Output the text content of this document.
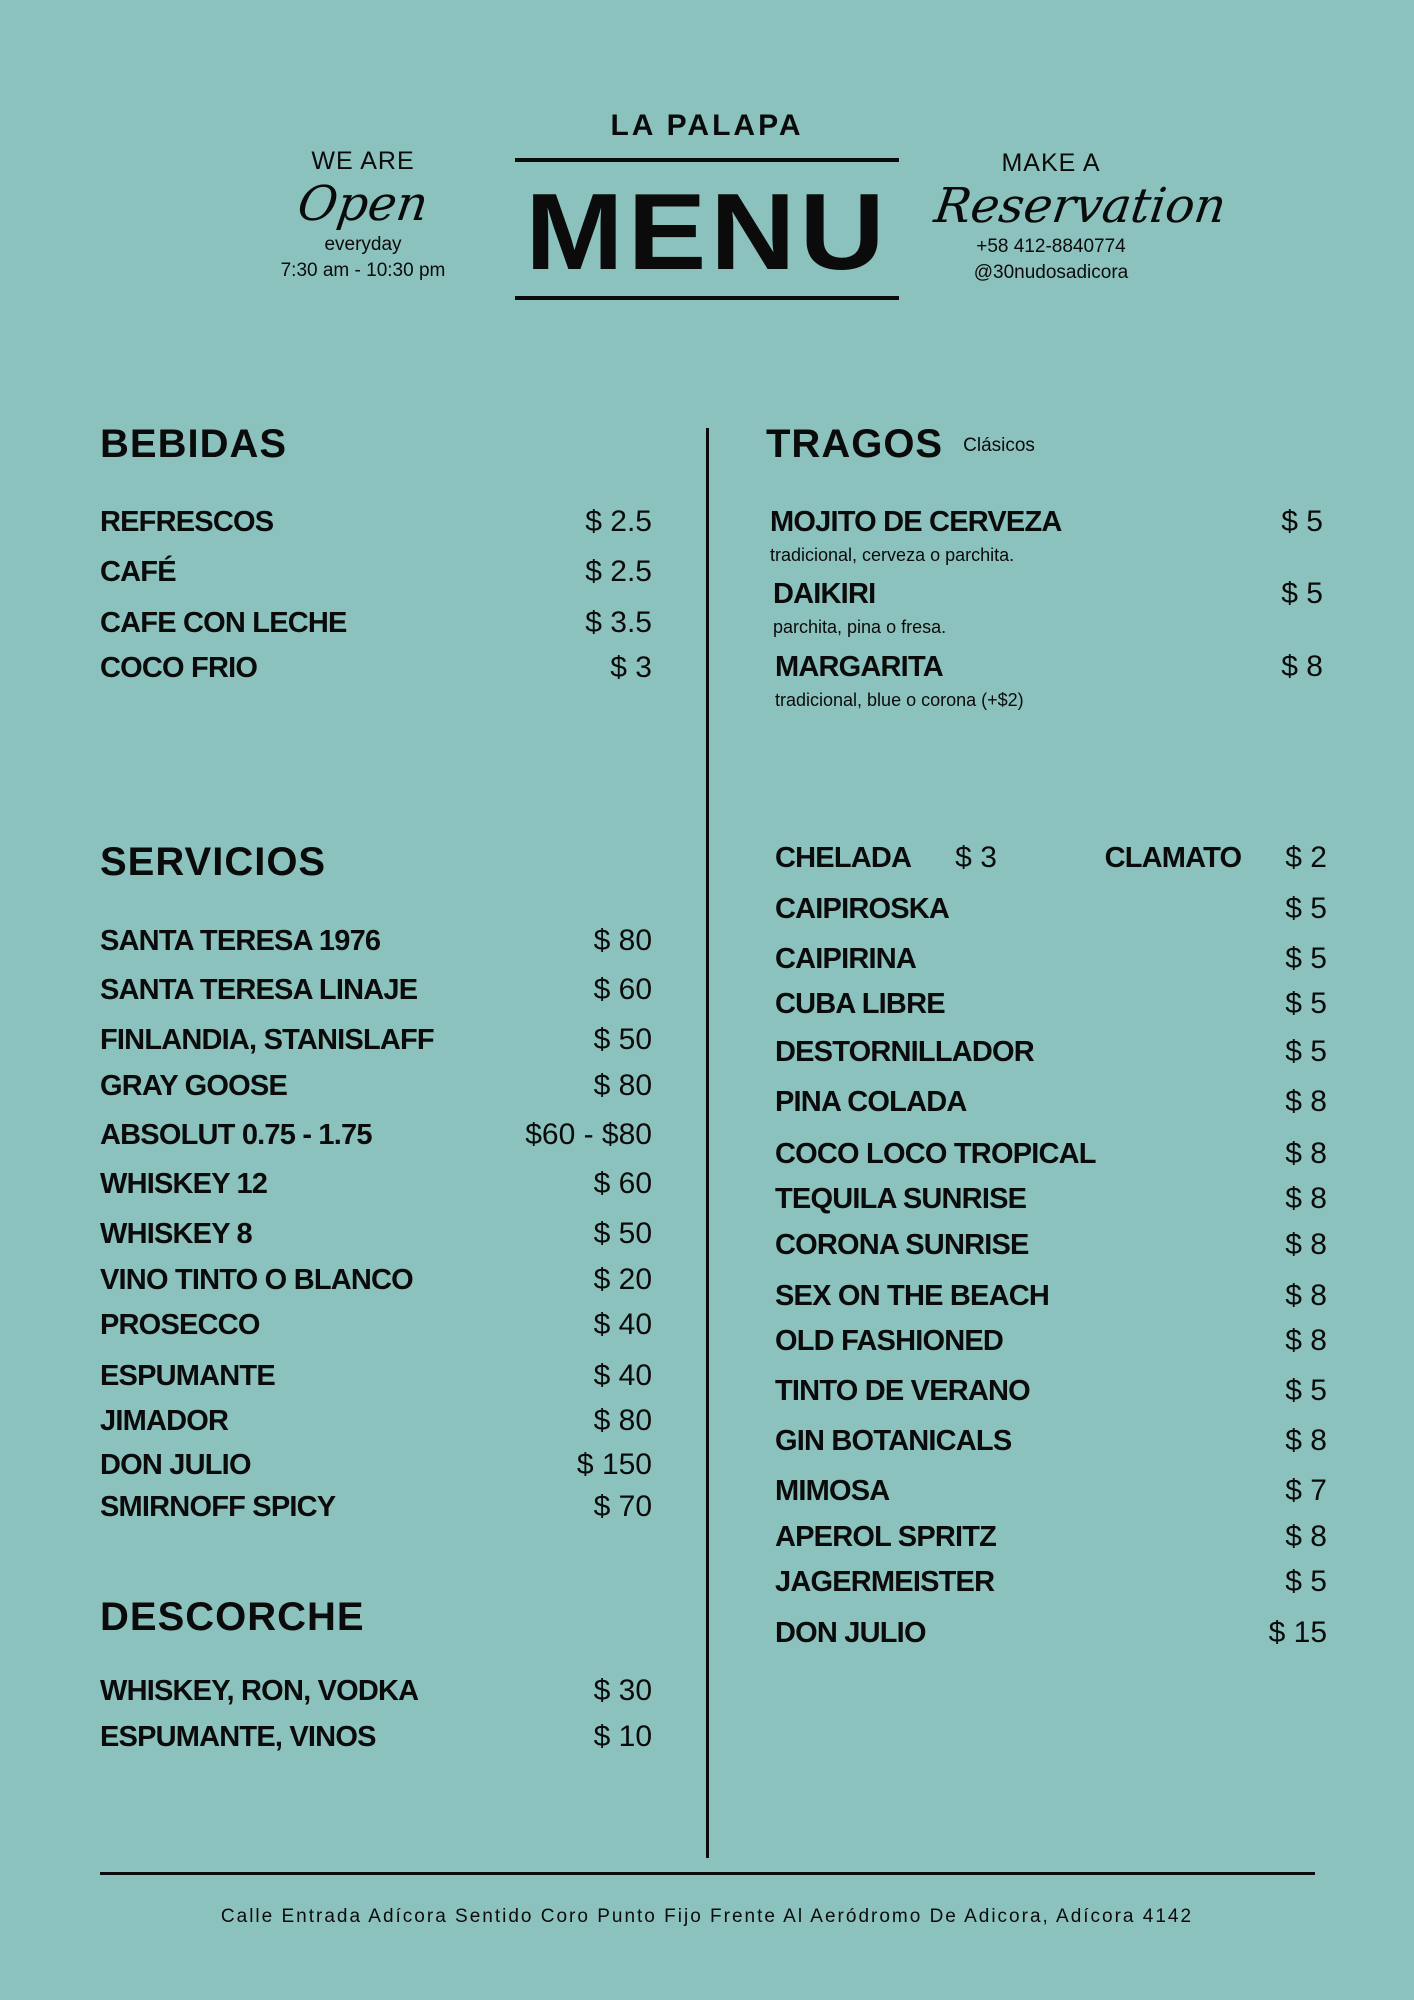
WE ARE
Open
everyday
7:30 am - 10:30 pm
LA PALAPA
MENU
MAKE A
Reservation
+58 412-8840774
@30nudosadicora
BEBIDAS
REFRESCOS	$ 2.5
CAFÉ	$ 2.5
CAFE CON LECHE	$ 3.5
COCO FRIO	$ 3
SERVICIOS
SANTA TERESA 1976	$ 80
SANTA TERESA LINAJE	$ 60
FINLANDIA, STANISLAFF	$ 50
GRAY GOOSE	$ 80
ABSOLUT 0.75 - 1.75	$60 - $80
WHISKEY 12	$ 60
WHISKEY 8	$ 50
VINO TINTO O BLANCO	$ 20
PROSECCO	$ 40
ESPUMANTE	$ 40
JIMADOR	$ 80
DON JULIO	$ 150
SMIRNOFF SPICY	$ 70
DESCORCHE
WHISKEY, RON, VODKA	$ 30
ESPUMANTE, VINOS	$ 10
TRAGOS Clásicos
MOJITO DE CERVEZA	$ 5
tradicional, cerveza o parchita.
DAIKIRI	$ 5
parchita, pina o fresa.
MARGARITA	$ 8
tradicional, blue o corona (+$2)
CHELADA $ 3	CLAMATO $ 2
CAIPIROSKA	$ 5
CAIPIRINA	$ 5
CUBA LIBRE	$ 5
DESTORNILLADOR	$ 5
PINA COLADA	$ 8
COCO LOCO TROPICAL	$ 8
TEQUILA SUNRISE	$ 8
CORONA SUNRISE	$ 8
SEX ON THE BEACH	$ 8
OLD FASHIONED	$ 8
TINTO DE VERANO	$ 5
GIN BOTANICALS	$ 8
MIMOSA	$ 7
APEROL SPRITZ	$ 8
JAGERMEISTER	$ 5
DON JULIO	$ 15
Calle Entrada Adícora Sentido Coro Punto Fijo Frente Al Aeródromo De Adicora, Adícora 4142
